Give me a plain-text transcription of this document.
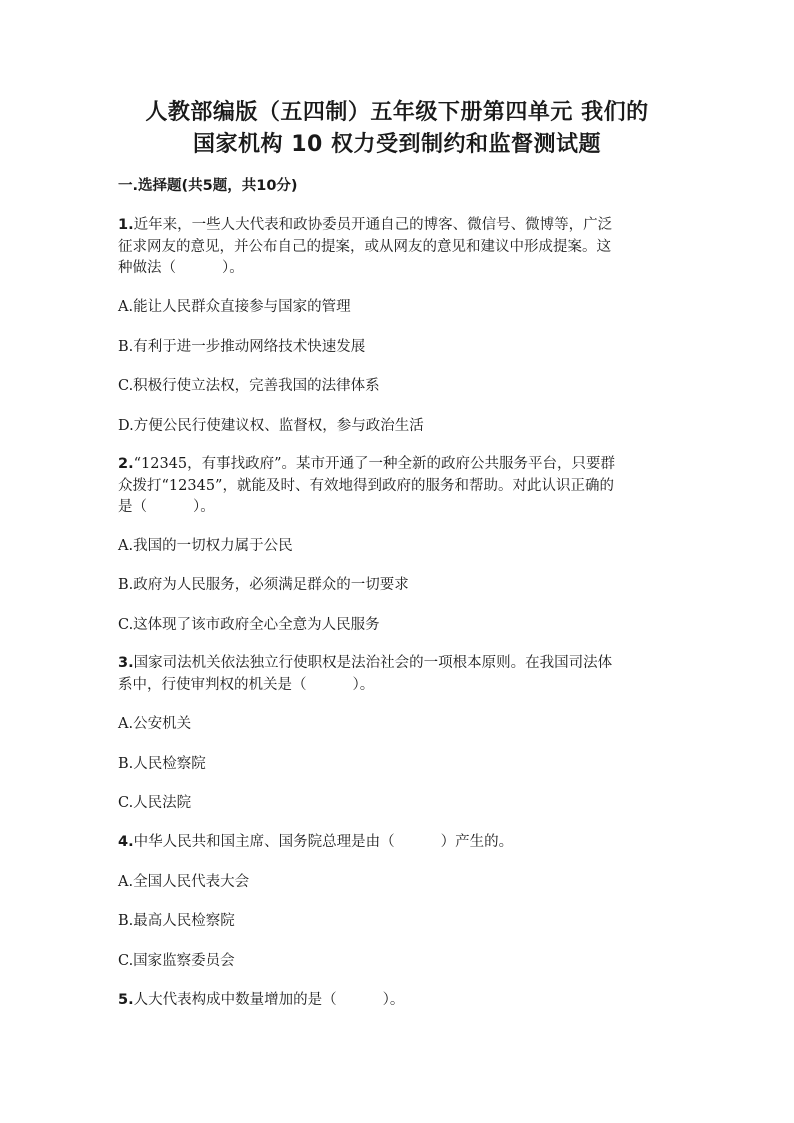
人教部编版（五四制）五年级下册第四单元 我们的
国家机构 10 权力受到制约和监督测试题
一.选择题(共5题，共10分)
1.近年来，一些人大代表和政协委员开通自己的博客、微信号、微博等，广泛
征求网友的意见，并公布自己的提案，或从网友的意见和建议中形成提案。这
种做法（	）。
A.能让人民群众直接参与国家的管理
B.有利于进一步推动网络技术快速发展
C.积极行使立法权，完善我国的法律体系
D.方便公民行使建议权、监督权，参与政治生活
2.“12345，有事找政府”。某市开通了一种全新的政府公共服务平台，只要群
众拨打“12345”，就能及时、有效地得到政府的服务和帮助。对此认识正确的
是（	）。
A.我国的一切权力属于公民
B.政府为人民服务，必须满足群众的一切要求
C.这体现了该市政府全心全意为人民服务
3.国家司法机关依法独立行使职权是法治社会的一项根本原则。在我国司法体
系中，行使审判权的机关是（	）。
A.公安机关
B.人民检察院
C.人民法院
4.中华人民共和国主席、国务院总理是由（	）产生的。
A.全国人民代表大会
B.最高人民检察院
C.国家监察委员会
5.人大代表构成中数量增加的是（	）。
